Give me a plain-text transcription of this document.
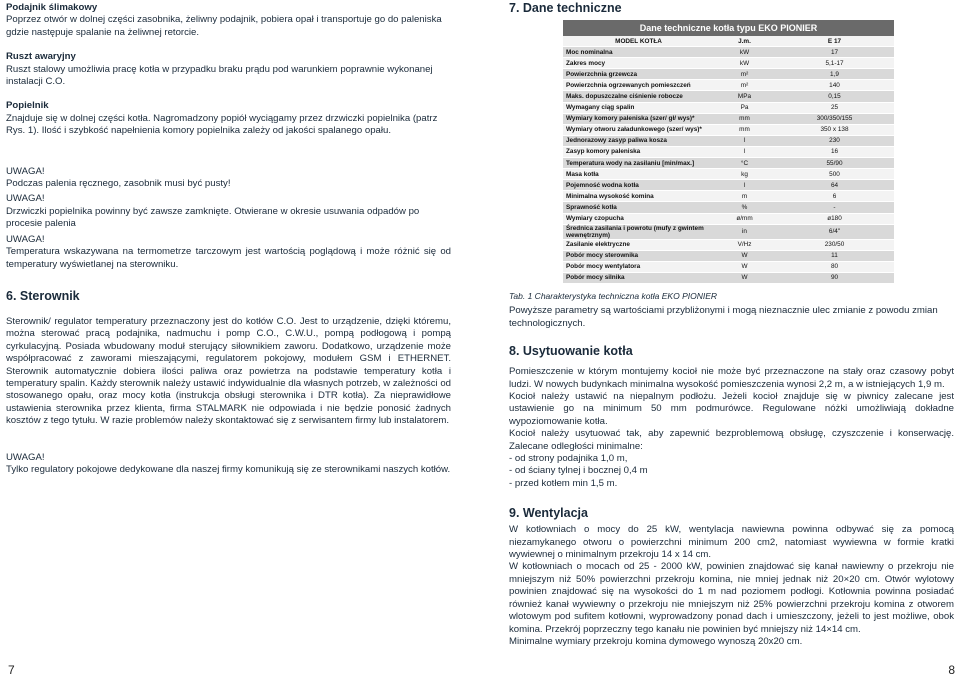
Podajnik ślimakowy

Poprzez otwór w dolnej części zasobnika, żeliwny podajnik, pobiera opał i transportuje go do paleniska gdzie następuje spalanie na żeliwnej retorcie.

Ruszt awaryjny

Ruszt stalowy umożliwia pracę kotła w przypadku braku prądu pod warunkiem poprawnie wykonanej instalacji C.O.

Popielnik

Znajduje się w dolnej części kotła. Nagromadzony popiół wyciągamy przez drzwiczki popielnika (patrz Rys. 1). Ilość i szybkość napełnienia komory popielnika zależy od jakości spalanego opału.

UWAGA!

Podczas palenia ręcznego, zasobnik musi być pusty!

UWAGA!

Drzwiczki popielnika powinny być zawsze zamknięte. Otwierane w okresie usuwania odpadów po procesie palenia

UWAGA!

Temperatura wskazywana na termometrze tarczowym jest wartością poglądową i może różnić się od temperatury wyświetlanej na sterowniku.

6. Sterownik

Sterownik/ regulator temperatury przeznaczony jest do kotłów C.O. Jest to urządzenie, dzięki któremu, można sterować pracą podajnika, nadmuchu i pomp C.O., C.W.U., pompą podłogową i pompą cyrkulacyjną. Posiada wbudowany moduł sterujący siłownikiem zaworu. Dodatkowo, urządzenie może współpracować z zaworami mieszającymi, regulatorem pokojowy, modułem GSM i ETHERNET. Sterownik automatycznie dobiera ilości paliwa oraz powietrza na podstawie temperatury kotła i temperatury spalin. Każdy sterownik należy ustawić indywidualnie dla własnych potrzeb, w zależności od stosowanego opału, oraz mocy kotła (instrukcja obsługi sterownika i DTR kotła). Za nieprawidłowe ustawienia sterownika przez klienta, firma STALMARK nie odpowiada i nie będzie ponosić żadnych kosztów z tego tytułu. W razie problemów należy skontaktować się z serwisantem firmy lub instalatorem.

UWAGA!

Tylko regulatory pokojowe dedykowane dla naszej firmy komunikują się ze sterownikami naszych kotłów.

7

7. Dane techniczne

Dane techniczne kotła typu EKO PIONIER
MODEL KOTŁA	J.m.	E 17
Moc nominalna	kW	17
Zakres mocy	kW	5,1-17
Powierzchnia grzewcza	m²	1,9
Powierzchnia ogrzewanych pomieszczeń	m²	140
Maks. dopuszczalne ciśnienie robocze	MPa	0,15
Wymagany ciąg spalin	Pa	25
Wymiary komory paleniska (szer/ gł/ wys)*	mm	300/350/155
Wymiary otworu załadunkowego (szer/ wys)*	mm	350 x 138
Jednorazowy zasyp paliwa kosza	l	230
Zasyp komory paleniska	l	16
Temperatura wody na zasilaniu [min/max.]	°C	55/90
Masa kotła	kg	500
Pojemność wodna kotła	l	64
Minimalna wysokość komina	m	6
Sprawność kotła	%	-
Wymiary czopucha	ø/mm	ø180
Średnica zasilania i powrotu (mufy z gwintem wewnętrznym)	in	6/4"
Zasilanie elektryczne	V/Hz	230/50
Pobór mocy sterownika	W	11
Pobór mocy wentylatora	W	80
Pobór mocy silnika	W	90

Tab. 1 Charakterystyka techniczna kotła EKO PIONIER

Powyższe parametry są wartościami przybliżonymi i mogą nieznacznie ulec zmianie z powodu zmian technologicznych.

8. Usytuowanie kotła

Pomieszczenie w którym montujemy kocioł nie może być przeznaczone na stały oraz czasowy pobyt ludzi. W nowych budynkach minimalna wysokość pomieszczenia wynosi 2,2 m, a w istniejących 1,9 m.

Kocioł należy ustawić na niepalnym podłożu. Jeżeli kocioł znajduje się w piwnicy zalecane jest ustawienie go na minimum 50 mm podmurówce. Regulowane nóżki umożliwiają dokładne wypoziomowanie kotła.

Kocioł należy usytuować tak, aby zapewnić bezproblemową obsługę, czyszczenie i konserwację. Zalecane odległości minimalne:

- od strony podajnika 1,0 m,

- od ściany tylnej i bocznej 0,4 m

- przed kotłem min 1,5 m.

9. Wentylacja

W kotłowniach o mocy do 25 kW, wentylacja nawiewna powinna odbywać się za pomocą niezamykanego otworu o powierzchni minimum 200 cm2, natomiast wywiewna w formie kratki wywiewnej o minimalnym przekroju 14 x 14 cm.

W kotłowniach o mocach od 25 - 2000 kW, powinien znajdować się kanał nawiewny o przekroju nie mniejszym niż 50% powierzchni przekroju komina, nie mniej jednak niż 20×20 cm. Otwór wylotowy powinien znajdować się na wysokości do 1 m nad poziomem podłogi. Kotłownia powinna posiadać również kanał wywiewny o przekroju nie mniejszym niż 25% powierzchni przekroju komina z otworem wlotowym pod sufitem kotłowni, wyprowadzony ponad dach i umieszczony, jeżeli to jest możliwe, obok komina. Przekrój poprzeczny tego kanału nie powinien być mniejszy niż 14×14 cm.

Minimalne wymiary przekroju komina dymowego wynoszą 20x20 cm.

8
